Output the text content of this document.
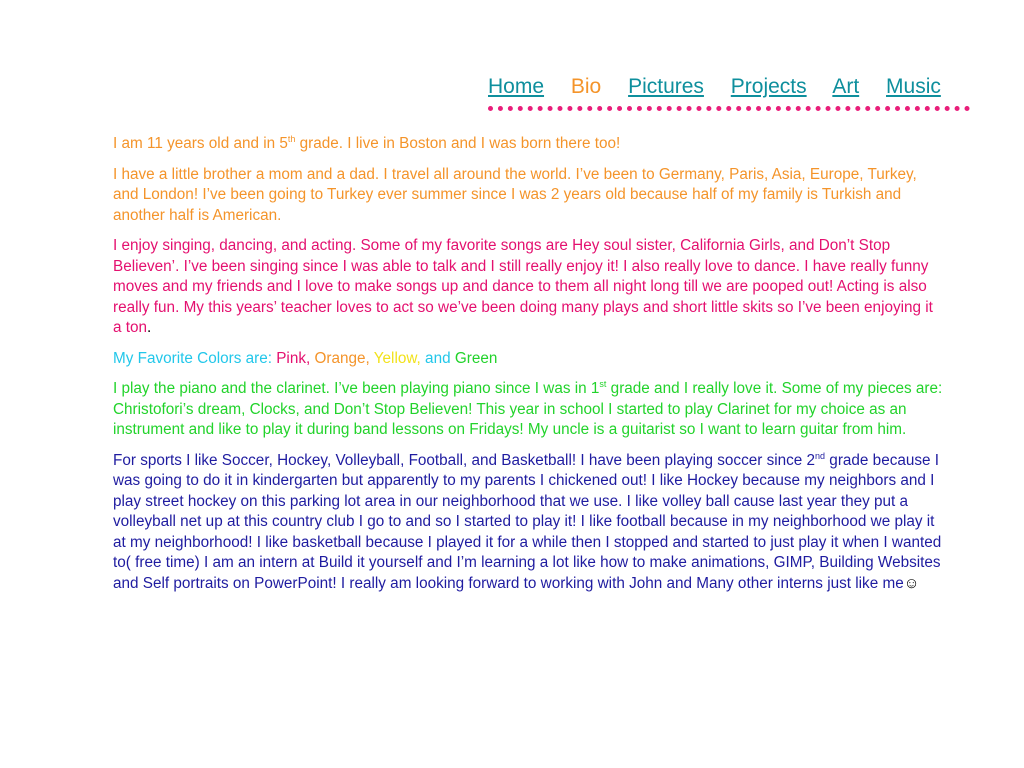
Home Bio Pictures Projects Art Music

I am 11 years old and in 5th grade. I live in Boston and I was born there too!

I have a little brother a mom and a dad. I travel all around the world. I’ve been to Germany, Paris, Asia, Europe, Turkey, and London! I’ve been going to Turkey ever summer since I was 2 years old because half of my family is Turkish and another half is American.

I enjoy singing, dancing, and acting. Some of my favorite songs are Hey soul sister, California Girls, and Don’t Stop Believen’. I’ve been singing since I was able to talk and I still really enjoy it! I also really love to dance. I have really funny moves and my friends and I love to make songs up and dance to them all night long till we are pooped out! Acting is also really fun. My this years’ teacher loves to act so we’ve been doing many plays and short little skits so I’ve been enjoying it a ton.

My Favorite Colors are: Pink, Orange, Yellow, and Green

I play the piano and the clarinet. I’ve been playing piano since I was in 1st grade and I really love it. Some of my pieces are: Christofori’s dream, Clocks, and Don’t Stop Believen! This year in school I started to play Clarinet for my choice as an instrument and like to play it during band lessons on Fridays! My uncle is a guitarist so I want to learn guitar from him.

For sports I like Soccer, Hockey, Volleyball, Football, and Basketball! I have been playing soccer since 2nd grade because I was going to do it in kindergarten but apparently to my parents I chickened out! I like Hockey because my neighbors and I play street hockey on this parking lot area in our neighborhood that we use. I like volley ball cause last year they put a volleyball net up at this country club I go to and so I started to play it! I like football because in my neighborhood we play it at my neighborhood! I like basketball because I played it for a while then I stopped and started to just play it when I wanted to( free time) I am an intern at Build it yourself and I’m learning a lot like how to make animations, GIMP, Building Websites and Self portraits on PowerPoint! I really am looking forward to working with John and Many other interns just like me☺
